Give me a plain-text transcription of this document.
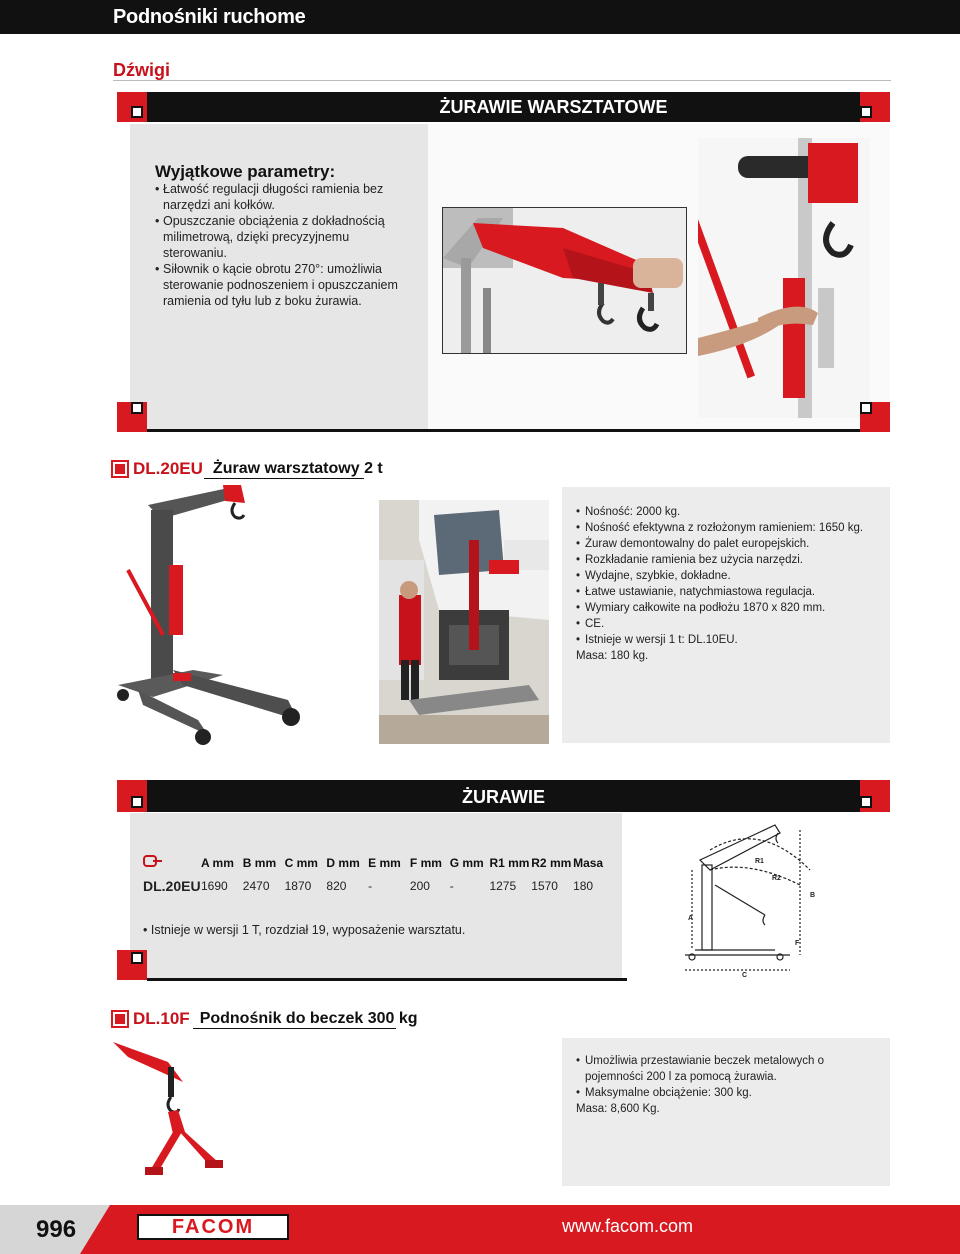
Podnośniki ruchome
Dźwigi
ŻURAWIE WARSZTATOWE
Wyjątkowe parametry:
• Łatwość regulacji długości ramienia bez narzędzi ani kołków.
• Opuszczanie obciążenia z dokładnością milimetrową, dzięki precyzyjnemu sterowaniu.
• Siłownik o kącie obrotu 270°: umożliwia sterowanie podnoszeniem i opuszczaniem ramienia od tyłu lub z boku żurawia.
DL.20EU Żuraw warsztatowy 2 t
• Nośność: 2000 kg.
• Nośność efektywna z rozłożonym ramieniem: 1650 kg.
• Żuraw demontowalny do palet europejskich.
• Rozkładanie ramienia bez użycia narzędzi.
• Wydajne, szybkie, dokładne.
• Łatwe ustawianie, natychmiastowa regulacja.
• Wymiary całkowite na podłożu 1870 x 820 mm.
• CE.
• Istnieje w wersji 1 t: DL.10EU.
Masa: 180 kg.
ŻURAWIE
	A mm	B mm	C mm	D mm	E mm	F mm	G mm	R1 mm	R2 mm	Masa
DL.20EU	1690	2470	1870	820	-	200	-	1275	1570	180
• Istnieje w wersji 1 T, rozdział 19, wyposażenie warsztatu.
R1
R2
A
B
C
F
DL.10F Podnośnik do beczek 300 kg
• Umożliwia przestawianie beczek metalowych o pojemności 200 l za pomocą żurawia.
• Maksymalne obciążenie: 300 kg.
Masa: 8,600 Kg.
996	FACOM	www.facom.com
